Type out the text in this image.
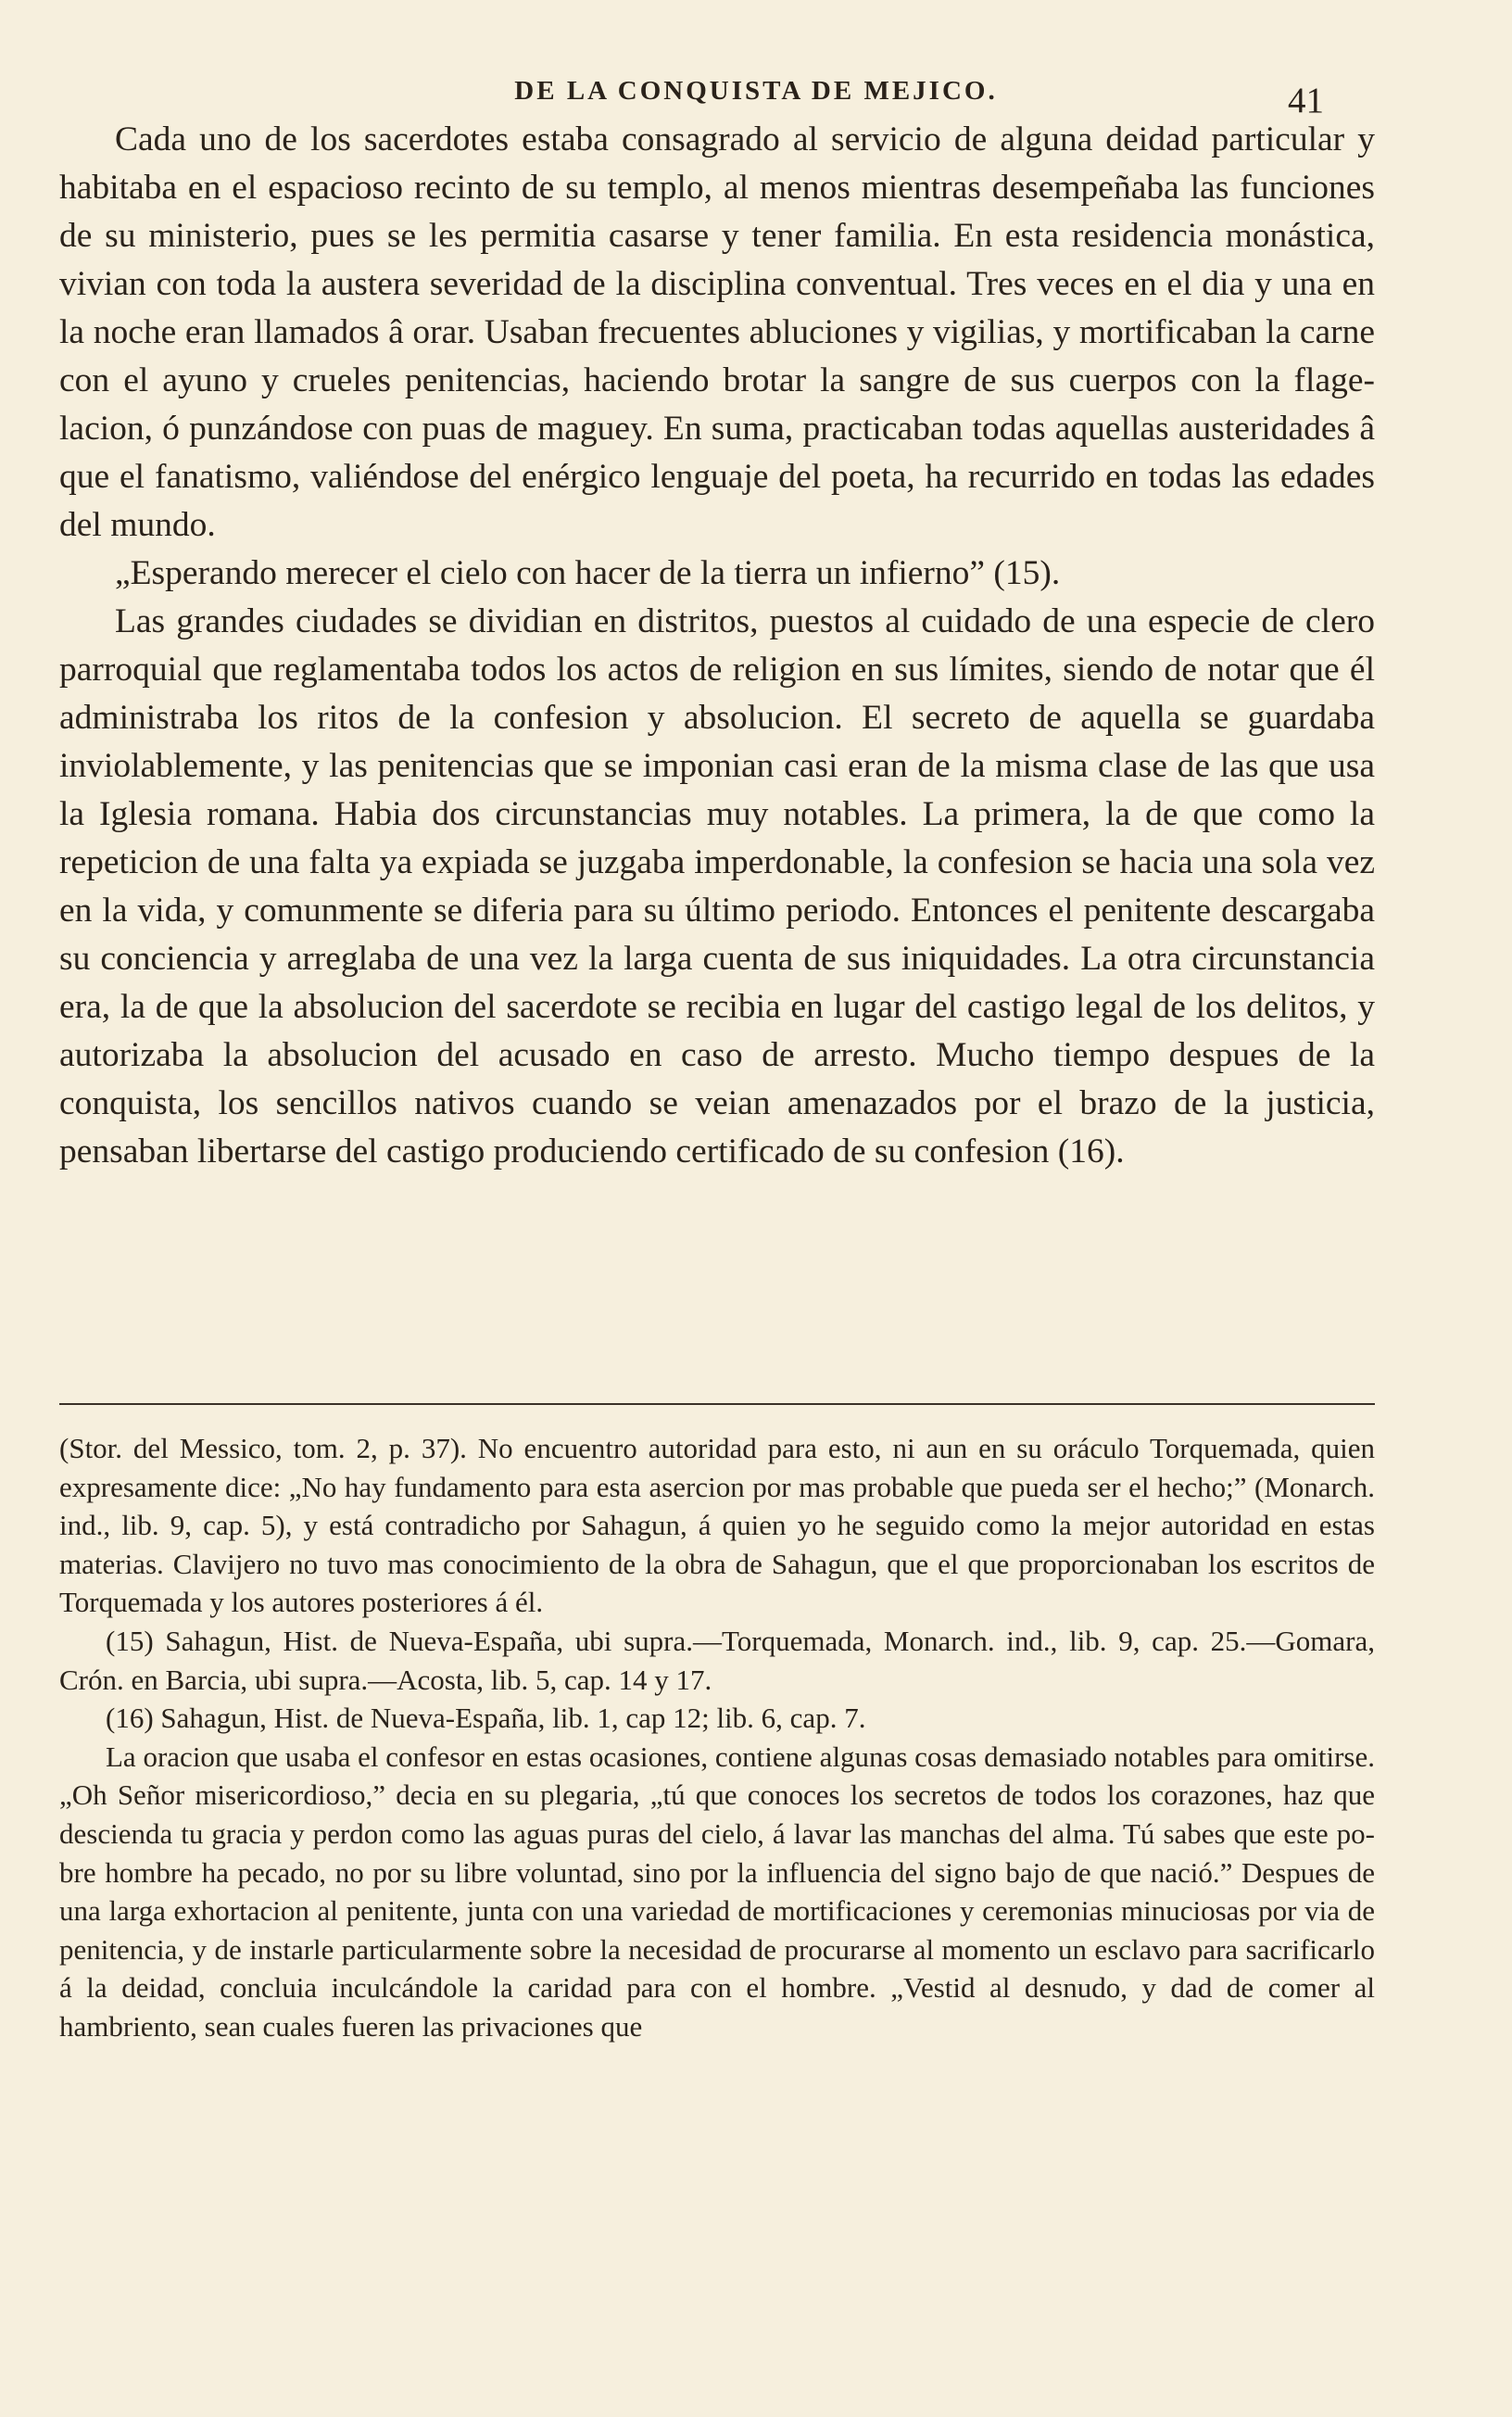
DE LA CONQUISTA DE MEJICO.	41

Cada uno de los sacerdotes estaba consagrado al servicio de alguna deidad particular y habitaba en el espacioso recinto de su templo, al menos mientras desempeñaba las funciones de su ministerio, pues se les permitia casarse y tener familia. En esta residencia monástica, vivian con toda la austera severidad de la disciplina conventual. Tres veces en el dia y una en la noche eran llamados â orar. Usaban frecuentes abluciones y vigilias, y mortificaban la carne con el ayuno y crueles penitencias, haciendo brotar la sangre de sus cuerpos con la flagelacion, ó punzándose con puas de maguey. En suma, practicaban todas aquellas austeridades â que el fanatismo, valiéndose del enérgico lenguaje del poeta, ha recurrido en todas las edades del mundo.

„Esperando merecer el cielo con hacer de la tierra un infierno” (15).

Las grandes ciudades se dividian en distritos, puestos al cuidado de una especie de clero parroquial que reglamentaba todos los actos de religion en sus límites, siendo de notar que él administraba los ritos de la confesion y absolucion. El secreto de aquella se guardaba inviolablemente, y las penitencias que se imponian casi eran de la misma clase de las que usa la Iglesia romana. Habia dos circunstancias muy notables. La primera, la de que como la repeticion de una falta ya expiada se juzgaba imperdonable, la confesion se hacia una sola vez en la vida, y comunmente se diferia para su último periodo. Entonces el penitente descargaba su conciencia y arreglaba de una vez la larga cuenta de sus iniquidades. La otra circunstancia era, la de que la absolucion del sacerdote se recibia en lugar del castigo legal de los delitos, y autorizaba la absolucion del acusado en caso de arresto. Mucho tiempo despues de la conquista, los sencillos nativos cuando se veian amenazados por el brazo de la justicia, pensaban libertarse del castigo produciendo certificado de su confesion (16).

(Stor. del Messico, tom. 2, p. 37). No encuentro autoridad para esto, ni aun en su oráculo Torquemada, quien expresamente dice: „No hay fundamento para esta asercion por mas probable que pueda ser el hecho;” (Monarch. ind., lib. 9, cap. 5), y está contradicho por Sahagun, á quien yo he seguido como la mejor autoridad en estas materias. Clavijero no tuvo mas conocimiento de la obra de Sahagun, que el que proporcionaban los escritos de Torquemada y los autores posteriores á él.

(15) Sahagun, Hist. de Nueva-España, ubi supra.—Torquemada, Monarch. ind., lib. 9, cap. 25.—Gomara, Crón. en Barcia, ubi supra.—Acosta, lib. 5, cap. 14 y 17.

(16) Sahagun, Hist. de Nueva-España, lib. 1, cap 12; lib. 6, cap. 7.

La oracion que usaba el confesor en estas ocasiones, contiene algunas cosas demasiado notables para omitirse. „Oh Señor misericordioso,” decia en su plegaria, „tú que conoces los secretos de todos los corazones, haz que descienda tu gracia y perdon como las aguas puras del cielo, á lavar las manchas del alma. Tú sabes que este pobre hombre ha pecado, no por su libre voluntad, sino por la influencia del signo bajo de que nació.” Despues de una larga exhortacion al penitente, junta con una variedad de mortificaciones y ceremonias minuciosas por via de penitencia, y de instarle particularmente sobre la necesidad de procurarse al momento un esclavo para sacrificarlo á la deidad, concluia inculcándole la caridad para con el hombre. „Vestid al desnudo, y dad de comer al hambriento, sean cuales fueren las privaciones que
